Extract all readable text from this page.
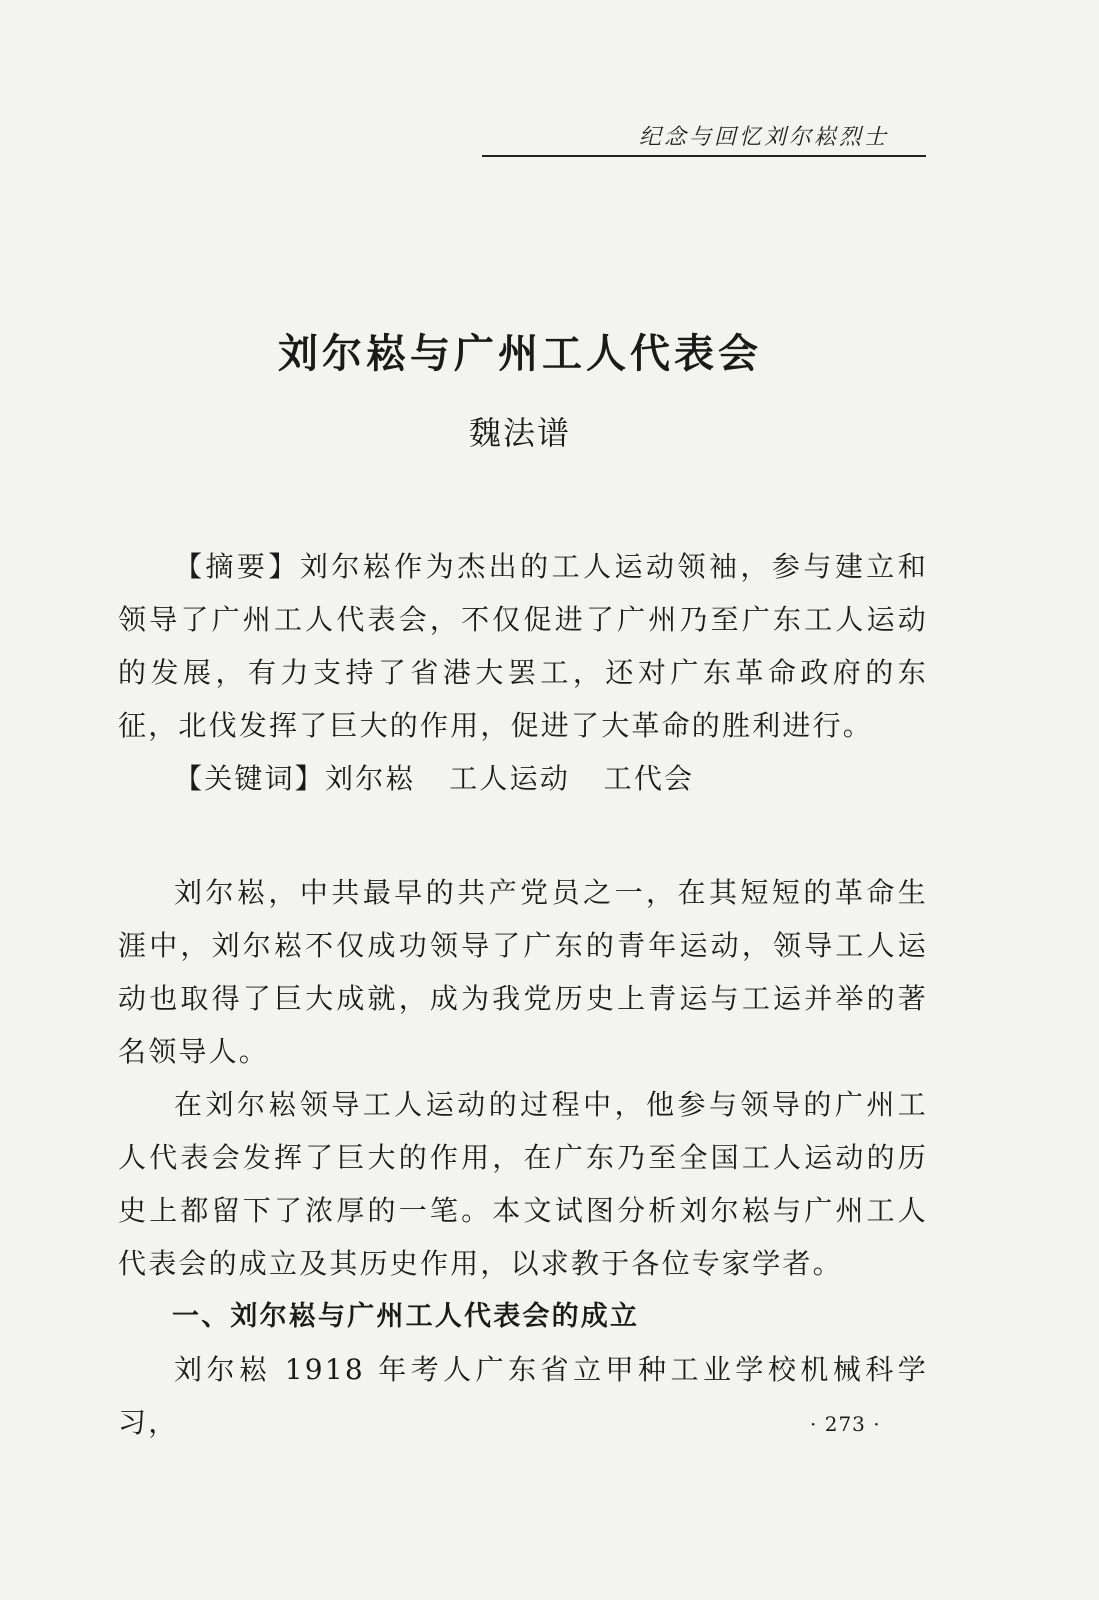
纪念与回忆刘尔崧烈士
刘尔崧与广州工人代表会
魏法谱

【摘要】刘尔崧作为杰出的工人运动领袖，参与建立和领导了广州工人代表会，不仅促进了广州乃至广东工人运动的发展，有力支持了省港大罢工，还对广东革命政府的东征，北伐发挥了巨大的作用，促进了大革命的胜利进行。

【关键词】刘尔崧 工人运动 工代会

刘尔崧，中共最早的共产党员之一，在其短短的革命生涯中，刘尔崧不仅成功领导了广东的青年运动，领导工人运动也取得了巨大成就，成为我党历史上青运与工运并举的著名领导人。

在刘尔崧领导工人运动的过程中，他参与领导的广州工人代表会发挥了巨大的作用，在广东乃至全国工人运动的历史上都留下了浓厚的一笔。本文试图分析刘尔崧与广州工人代表会的成立及其历史作用，以求教于各位专家学者。

一、刘尔崧与广州工人代表会的成立

刘尔崧 1918 年考人广东省立甲种工业学校机械科学习，	· 273 ·
